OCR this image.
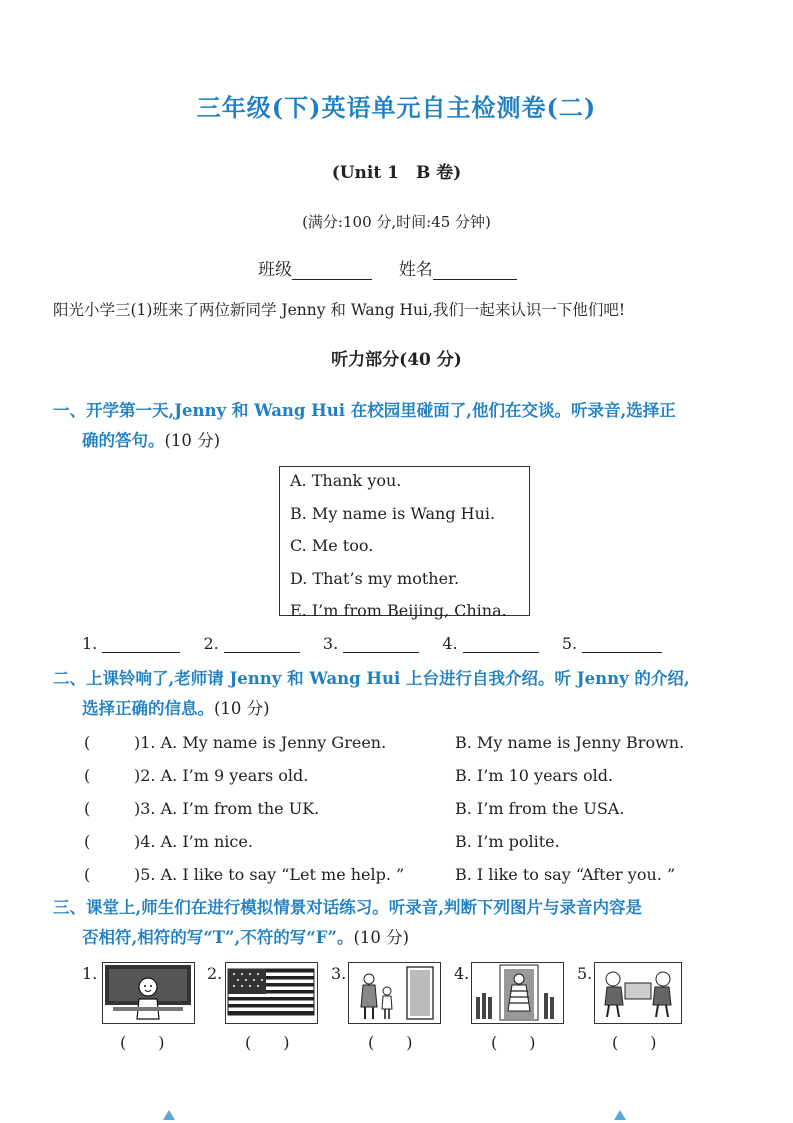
三年级(下)英语单元自主检测卷(二)
(Unit 1　B 卷)
(满分:100 分,时间:45 分钟)
班级	姓名
阳光小学三(1)班来了两位新同学 Jenny 和 Wang Hui,我们一起来认识一下他们吧!
听力部分(40 分)
一、开学第一天,Jenny 和 Wang Hui 在校园里碰面了,他们在交谈。听录音,选择正
确的答句。(10 分)
A. Thank you.
B. My name is Wang Hui.
C. Me too.
D. That’s my mother.
E. I’m from Beijing, China.
1.	2.	3.	4.	5.
二、上课铃响了,老师请 Jenny 和 Wang Hui 上台进行自我介绍。听 Jenny 的介绍,
选择正确的信息。(10 分)
(	)1. A. My name is Jenny Green.	B. My name is Jenny Brown.
(	)2. A. I’m 9 years old.	B. I’m 10 years old.
(	)3. A. I’m from the UK.	B. I’m from the USA.
(	)4. A. I’m nice.	B. I’m polite.
(	)5. A. I like to say “Let me help. ”	B. I like to say “After you. ”
三、课堂上,师生们在进行模拟情景对话练习。听录音,判断下列图片与录音内容是
否相符,相符的写“T”,不符的写“F”。(10 分)
1.
(　　)
2.
(　　)
3.
(　　)
4.
(　　)
5.
(　　)
